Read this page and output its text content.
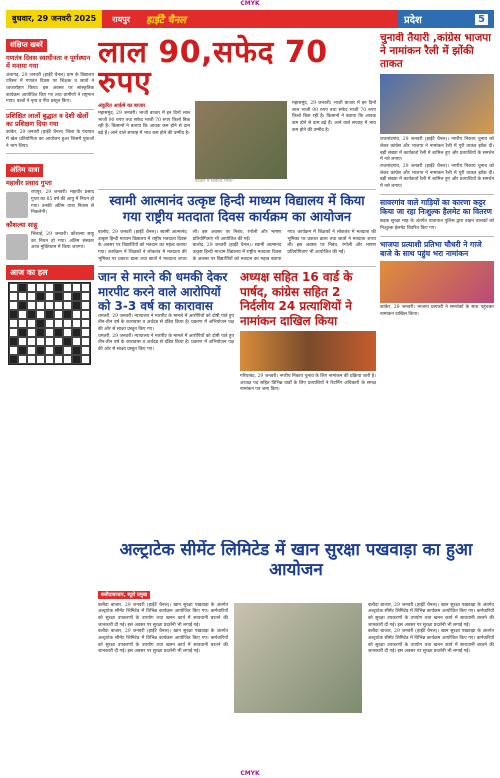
CMYK
बुधवार, 29 जनवरी 2025	रायपुर	हाईटै चैनल	प्रदेश	5
संक्षिप्त खबरें
गणतंत्र दिवस स्वाधीनता व पूर्णस्थान में मनाया गया

अंतागढ़, 29 जनवरी (हाईटै चैनल) ग्राम के विद्यालय परिसर में गणतंत्र दिवस पर शिक्षक व छात्रों ने ध्वजारोहण किया। इस अवसर पर सांस्कृतिक कार्यक्रम आयोजित किए गए तथा ग्रामीणों ने राष्ट्रगान गाया। बच्चों ने नृत्य व गीत प्रस्तुत किए।

प्रशिक्षित लालों बुद्धात व देशी खेलों का प्रशिक्षण दिया गया

कांकेर, 29 जनवरी (हाईटै चैनल) जिला के पंचायत में खेल प्रतियोगिता का आयोजन हुआ जिसमें युवाओं ने भाग लिया।

अंतिम यात्रा
महावीर प्रसाद गुप्ता

रायपुर, 29 जनवरी। महावीर प्रसाद गुप्ता का 85 वर्ष की आयु में निधन हो गया। उनकी अंतिम यात्रा निवास से निकलेगी।

कौशल्या साहू

भिलाई, 29 जनवरी। कौशल्या साहू का निधन हो गया। अंतिम संस्कार आज मुक्तिधाम में किया जाएगा।

आज का हल
लाल 90,सफेद 70 रुपए
अंकुरित आर्कषे का बाजार

महासमुंद, 29 जनवरी। भाजी बाजार में इन दिनों लाल भाजी 90 रुपए तथा सफेद भाजी 70 रुपए किलो बिक रही है। किसानों ने बताया कि आवक कम होने से दाम बढ़े हैं। आने वाले सप्ताह में भाव कम होने की उम्मीद है।

बाजार में बिकती भाजी

महासमुंद, 29 जनवरी। भाजी बाजार में इन दिनों लाल भाजी 90 रुपए तथा सफेद भाजी 70 रुपए किलो बिक रही है। किसानों ने बताया कि आवक कम होने से दाम बढ़े हैं। आने वाले सप्ताह में भाव कम होने की उम्मीद है।

स्वामी आत्मानंद उत्कृष्ट हिन्दी माध्यम विद्यालय में किया गया राष्ट्रीय मतदाता दिवस कार्यक्रम का आयोजन

बालोद, 29 जनवरी (हाईटै चैनल)। स्वामी आत्मानंद उत्कृष्ट हिन्दी माध्यम विद्यालय में राष्ट्रीय मतदाता दिवस के अवसर पर विद्यार्थियों को मतदान का महत्व बताया गया। कार्यक्रम में शिक्षकों ने लोकतंत्र में मतदाता की भूमिका पर प्रकाश डाला तथा छात्रों ने मतदाता शपथ ली। इस अवसर पर निबंध, रंगोली और भाषण प्रतियोगिताएं भी आयोजित की गईं।

बालोद, 29 जनवरी (हाईटै चैनल)। स्वामी आत्मानंद उत्कृष्ट हिन्दी माध्यम विद्यालय में राष्ट्रीय मतदाता दिवस के अवसर पर विद्यार्थियों को मतदान का महत्व बताया गया। कार्यक्रम में शिक्षकों ने लोकतंत्र में मतदाता की भूमिका पर प्रकाश डाला तथा छात्रों ने मतदाता शपथ ली। इस अवसर पर निबंध, रंगोली और भाषण प्रतियोगिताएं भी आयोजित की गईं।

जान से मारने की धमकी देकर मारपीट करने वाले आरोपियों को 3-3 वर्ष का कारावास

धमतरी, 29 जनवरी। न्यायालय ने मारपीट के मामले में आरोपियों को दोषी पाते हुए तीन-तीन वर्ष के कारावास व अर्थदंड से दंडित किया है। प्रकरण में अभियोजन पक्ष की ओर से साक्ष्य प्रस्तुत किए गए।

धमतरी, 29 जनवरी। न्यायालय ने मारपीट के मामले में आरोपियों को दोषी पाते हुए तीन-तीन वर्ष के कारावास व अर्थदंड से दंडित किया है। प्रकरण में अभियोजन पक्ष की ओर से साक्ष्य प्रस्तुत किए गए।

अध्यक्ष सहित 16 वार्ड के पार्षद, कांग्रेस सहित 2 निर्दलीय 24 प्रत्याशियों ने नामांकन दाखिल किया

गरियाबंद, 29 जनवरी। नगरीय निकाय चुनाव के लिए नामांकन की प्रक्रिया जारी है। अध्यक्ष पद सहित विभिन्न वार्डों के लिए प्रत्याशियों ने रिटर्निंग अधिकारी के समक्ष नामांकन पत्र जमा किए।

चुनावी तैयारी ,कांग्रेस भाजपा ने नामांकन रैली में झोंकी ताकत

राजनांदगांव, 29 जनवरी (हाईटै चैनल)। नगरीय निकाय चुनाव को लेकर कांग्रेस और भाजपा ने नामांकन रैली में पूरी ताकत झोंक दी। बड़ी संख्या में कार्यकर्ता रैली में शामिल हुए और प्रत्याशियों के समर्थन में नारे लगाए।

राजनांदगांव, 29 जनवरी (हाईटै चैनल)। नगरीय निकाय चुनाव को लेकर कांग्रेस और भाजपा ने नामांकन रैली में पूरी ताकत झोंक दी। बड़ी संख्या में कार्यकर्ता रैली में शामिल हुए और प्रत्याशियों के समर्थन में नारे लगाए।

सावरगांव वाले गाड़ियों का कारणा कट्टर किया जा रहा निःशुल्क हैलमेट का वितरण

सड़क सुरक्षा माह के अंतर्गत यातायात पुलिस द्वारा वाहन चालकों को निःशुल्क हेलमेट वितरित किए गए।

भाजपा प्रत्याशी प्रतिभा चौधरी ने गाजे बाजे के साथ पहुंच भरा नामांकन

कांकेर, 29 जनवरी। भाजपा प्रत्याशी ने समर्थकों के साथ पहुंचकर नामांकन दाखिल किया।

अल्ट्राटेक सीमेंट लिमिटेड में खान सुरक्षा पखवाड़ा का हुआ आयोजन
बलौदाबाजार, ब्यूरो प्रमुख

बलौदा बाजार, 29 जनवरी (हाईटै चैनल)। खान सुरक्षा पखवाड़ा के अंतर्गत अल्ट्राटेक सीमेंट लिमिटेड में विभिन्न कार्यक्रम आयोजित किए गए। कर्मचारियों को सुरक्षा उपकरणों के उपयोग तथा खनन कार्य में सावधानी बरतने की जानकारी दी गई। इस अवसर पर सुरक्षा प्रदर्शनी भी लगाई गई।

बलौदा बाजार, 29 जनवरी (हाईटै चैनल)। खान सुरक्षा पखवाड़ा के अंतर्गत अल्ट्राटेक सीमेंट लिमिटेड में विभिन्न कार्यक्रम आयोजित किए गए। कर्मचारियों को सुरक्षा उपकरणों के उपयोग तथा खनन कार्य में सावधानी बरतने की जानकारी दी गई। इस अवसर पर सुरक्षा प्रदर्शनी भी लगाई गई।

बलौदा बाजार, 29 जनवरी (हाईटै चैनल)। खान सुरक्षा पखवाड़ा के अंतर्गत अल्ट्राटेक सीमेंट लिमिटेड में विभिन्न कार्यक्रम आयोजित किए गए। कर्मचारियों को सुरक्षा उपकरणों के उपयोग तथा खनन कार्य में सावधानी बरतने की जानकारी दी गई। इस अवसर पर सुरक्षा प्रदर्शनी भी लगाई गई।

बलौदा बाजार, 29 जनवरी (हाईटै चैनल)। खान सुरक्षा पखवाड़ा के अंतर्गत अल्ट्राटेक सीमेंट लिमिटेड में विभिन्न कार्यक्रम आयोजित किए गए। कर्मचारियों को सुरक्षा उपकरणों के उपयोग तथा खनन कार्य में सावधानी बरतने की जानकारी दी गई। इस अवसर पर सुरक्षा प्रदर्शनी भी लगाई गई।

CMYK
